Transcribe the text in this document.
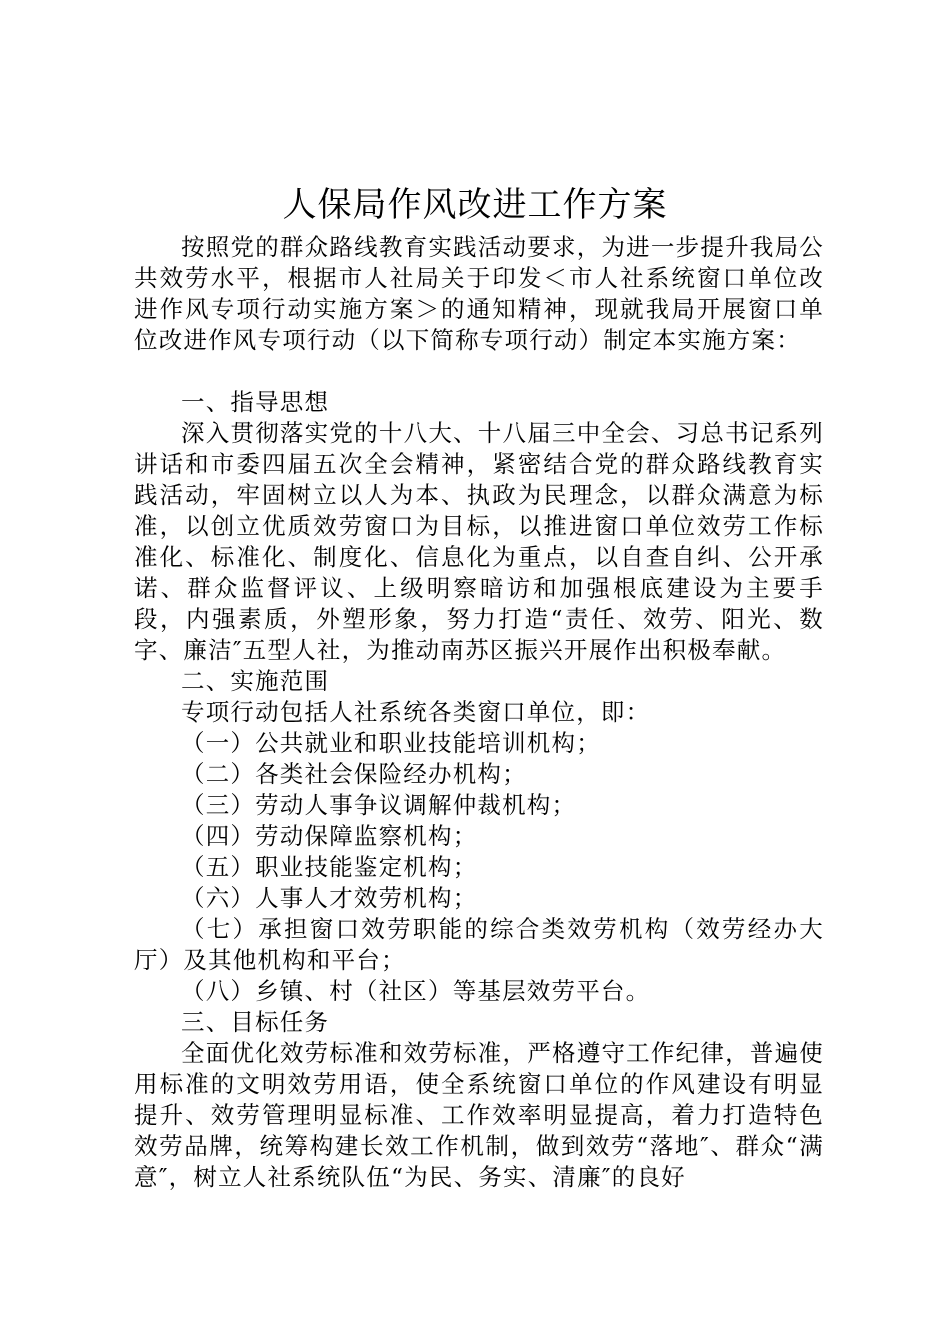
人保局作风改进工作方案

按照党的群众路线教育实践活动要求，为进一步提升我局公共效劳水平，根据市人社局关于印发＜市人社系统窗口单位改进作风专项行动实施方案＞的通知精神，现就我局开展窗口单位改进作风专项行动（以下简称专项行动）制定本实施方案：

一、指导思想

深入贯彻落实党的十八大、十八届三中全会、习总书记系列讲话和市委四届五次全会精神，紧密结合党的群众路线教育实践活动，牢固树立以人为本、执政为民理念，以群众满意为标准，以创立优质效劳窗口为目标，以推进窗口单位效劳工作标准化、标准化、制度化、信息化为重点，以自查自纠、公开承诺、群众监督评议、上级明察暗访和加强根底建设为主要手段，内强素质，外塑形象，努力打造“责任、效劳、阳光、数字、廉洁″五型人社，为推动南苏区振兴开展作出积极奉献。

二、实施范围

专项行动包括人社系统各类窗口单位，即：

（一）公共就业和职业技能培训机构；

（二）各类社会保险经办机构；

（三）劳动人事争议调解仲裁机构；

（四）劳动保障监察机构；

（五）职业技能鉴定机构；

（六）人事人才效劳机构；

（七）承担窗口效劳职能的综合类效劳机构（效劳经办大厅）及其他机构和平台；

（八）乡镇、村（社区）等基层效劳平台。

三、目标任务

全面优化效劳标准和效劳标准，严格遵守工作纪律，普遍使用标准的文明效劳用语，使全系统窗口单位的作风建设有明显提升、效劳管理明显标准、工作效率明显提高，着力打造特色效劳品牌，统筹构建长效工作机制，做到效劳“落地″、群众“满意″，树立人社系统队伍“为民、务实、清廉″的良好
